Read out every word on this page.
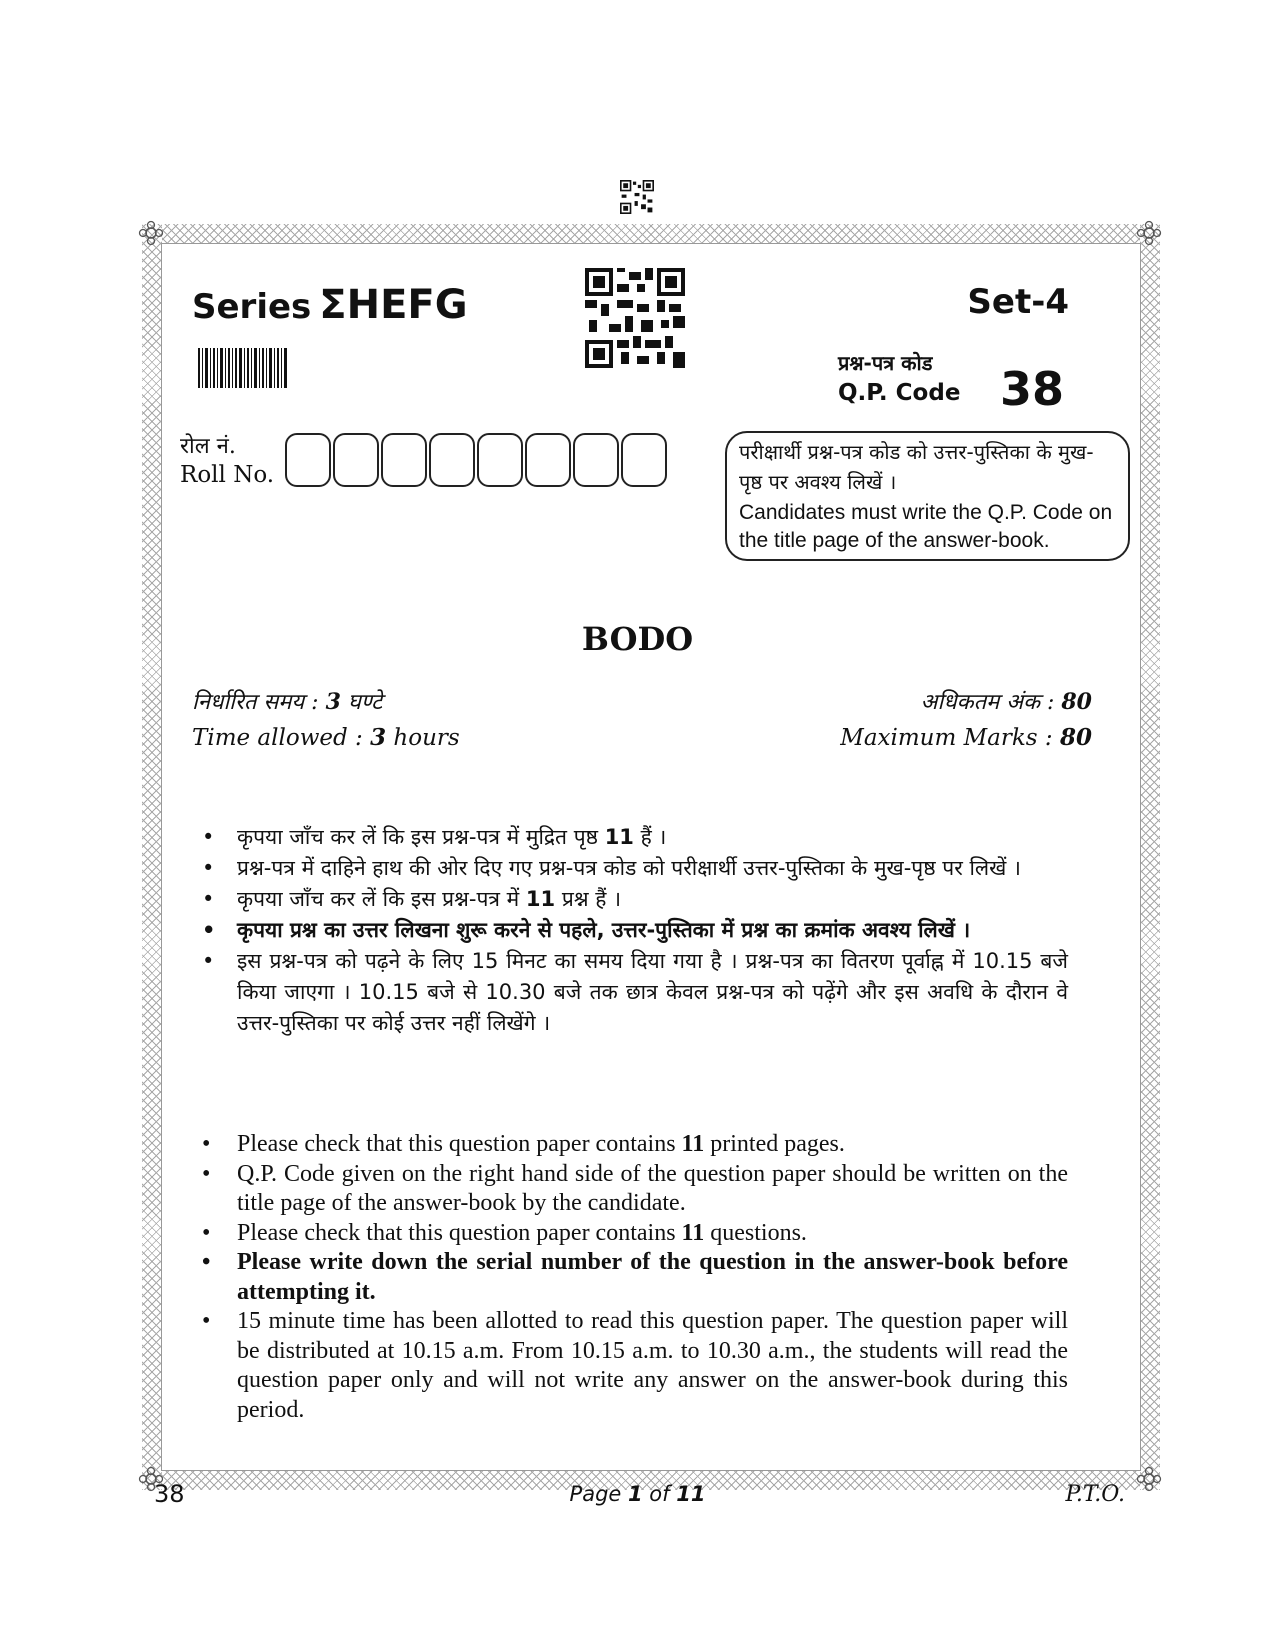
Series ΣHEFG	Set-4
प्रश्न-पत्र कोड
Q.P. Code 38
रोल नं.
Roll No.
परीक्षार्थी प्रश्न-पत्र कोड को उत्तर-पुस्तिका के मुख-पृष्ठ पर अवश्य लिखें ।
Candidates must write the Q.P. Code on the title page of the answer-book.
BODO
निर्धारित समय : 3 घण्टे
Time allowed : 3 hours
अधिकतम अंक : 80
Maximum Marks : 80
• कृपया जाँच कर लें कि इस प्रश्न-पत्र में मुद्रित पृष्ठ 11 हैं ।
• प्रश्न-पत्र में दाहिने हाथ की ओर दिए गए प्रश्न-पत्र कोड को परीक्षार्थी उत्तर-पुस्तिका के मुख-पृष्ठ पर लिखें ।
• कृपया जाँच कर लें कि इस प्रश्न-पत्र में 11 प्रश्न हैं ।
• कृपया प्रश्न का उत्तर लिखना शुरू करने से पहले, उत्तर-पुस्तिका में प्रश्न का क्रमांक अवश्य लिखें ।
• इस प्रश्न-पत्र को पढ़ने के लिए 15 मिनट का समय दिया गया है । प्रश्न-पत्र का वितरण पूर्वाह्न में 10.15 बजे किया जाएगा । 10.15 बजे से 10.30 बजे तक छात्र केवल प्रश्न-पत्र को पढ़ेंगे और इस अवधि के दौरान वे उत्तर-पुस्तिका पर कोई उत्तर नहीं लिखेंगे ।
• Please check that this question paper contains 11 printed pages.
• Q.P. Code given on the right hand side of the question paper should be written on the title page of the answer-book by the candidate.
• Please check that this question paper contains 11 questions.
• Please write down the serial number of the question in the answer-book before attempting it.
• 15 minute time has been allotted to read this question paper. The question paper will be distributed at 10.15 a.m. From 10.15 a.m. to 10.30 a.m., the students will read the question paper only and will not write any answer on the answer-book during this period.
38	Page 1 of 11	P.T.O.
